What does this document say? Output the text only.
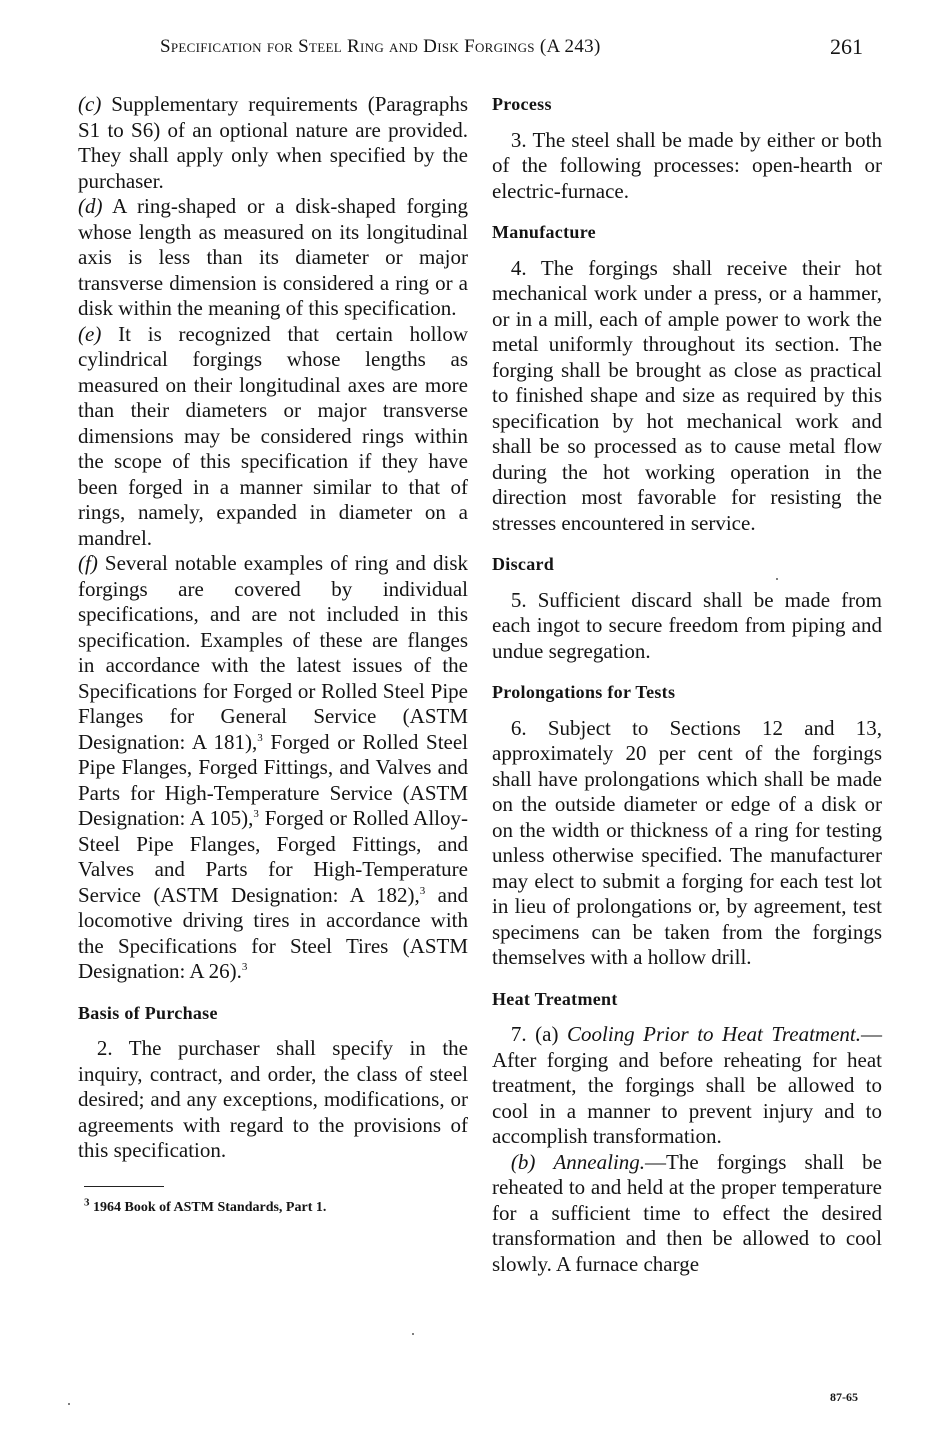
Specification for Steel Ring and Disk Forgings (A 243)	261

(c) Supplementary requirements (Paragraphs S1 to S6) of an optional nature are provided. They shall apply only when specified by the purchaser.

(d) A ring-shaped or a disk-shaped forging whose length as measured on its longitudinal axis is less than its diameter or major transverse dimension is considered a ring or a disk within the meaning of this specification.

(e) It is recognized that certain hollow cylindrical forgings whose lengths as measured on their longitudinal axes are more than their diameters or major transverse dimensions may be considered rings within the scope of this specification if they have been forged in a manner similar to that of rings, namely, expanded in diameter on a mandrel.

(f) Several notable examples of ring and disk forgings are covered by individual specifications, and are not included in this specification. Examples of these are flanges in accordance with the latest issues of the Specifications for Forged or Rolled Steel Pipe Flanges for General Service (ASTM Designation: A 181),$^3$ Forged or Rolled Steel Pipe Flanges, Forged Fittings, and Valves and Parts for High-Temperature Service (ASTM Designation: A 105),$^3$ Forged or Rolled Alloy-Steel Pipe Flanges, Forged Fittings, and Valves and Parts for High-Temperature Service (ASTM Designation: A 182),$^3$ and locomotive driving tires in accordance with the Specifications for Steel Tires (ASTM Designation: A 26).$^3$

Basis of Purchase

2. The purchaser shall specify in the inquiry, contract, and order, the class of steel desired; and any exceptions, modifications, or agreements with regard to the provisions of this specification.

$^3$ 1964 Book of ASTM Standards, Part 1.
Process

3. The steel shall be made by either or both of the following processes: open-hearth or electric-furnace.

Manufacture

4. The forgings shall receive their hot mechanical work under a press, or a hammer, or in a mill, each of ample power to work the metal uniformly throughout its section. The forging shall be brought as close as practical to finished shape and size as required by this specification by hot mechanical work and shall be so processed as to cause metal flow during the hot working operation in the direction most favorable for resisting the stresses encountered in service.

Discard

5. Sufficient discard shall be made from each ingot to secure freedom from piping and undue segregation.

Prolongations for Tests

6. Subject to Sections 12 and 13, approximately 20 per cent of the forgings shall have prolongations which shall be made on the outside diameter or edge of a disk or on the width or thickness of a ring for testing unless otherwise specified. The manufacturer may elect to submit a forging for each test lot in lieu of prolongations or, by agreement, test specimens can be taken from the forgings themselves with a hollow drill.

Heat Treatment

7. (a) Cooling Prior to Heat Treatment.—After forging and before reheating for heat treatment, the forgings shall be allowed to cool in a manner to prevent injury and to accomplish transformation.

(b) Annealing.—The forgings shall be reheated to and held at the proper temperature for a sufficient time to effect the desired transformation and then be allowed to cool slowly. A furnace charge

87-65
